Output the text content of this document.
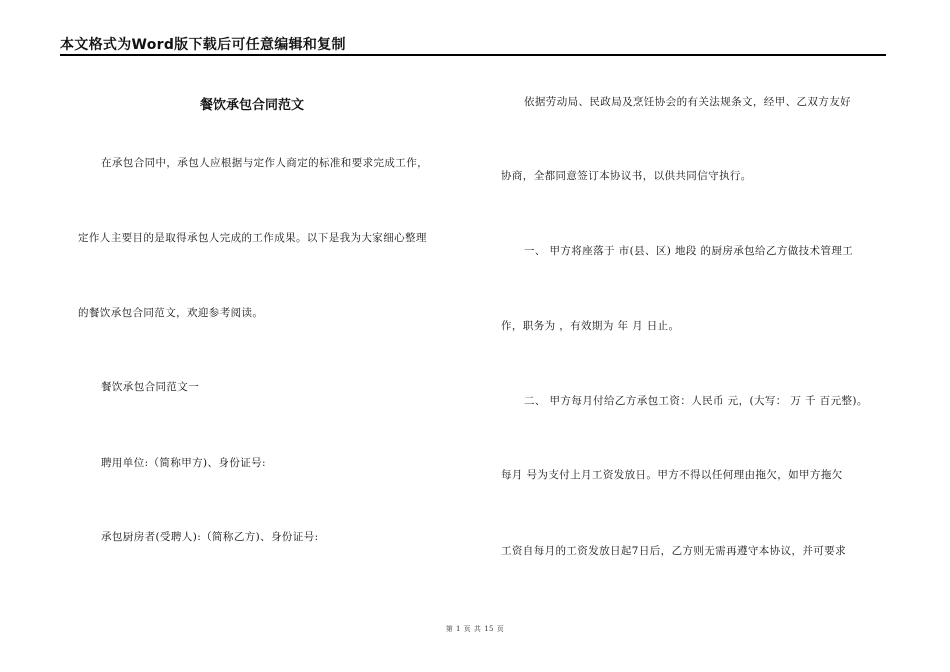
本文格式为Word版下载后可任意编辑和复制
餐饮承包合同范文
在承包合同中，承包人应根据与定作人商定的标准和要求完成工作，
定作人主要目的是取得承包人完成的工作成果。以下是我为大家细心整理
的餐饮承包合同范文，欢迎参考阅读。
餐饮承包合同范文一
聘用单位:（简称甲方)、身份证号:
承包厨房者(受聘人):（简称乙方)、身份证号:
依据劳动局、民政局及烹饪协会的有关法规条文，经甲、乙双方友好
协商，全都同意签订本协议书，以供共同信守执行。
一、 甲方将座落于 市(县、区) 地段 的厨房承包给乙方做技术管理工
作，职务为 ，有效期为 年 月 日止。
二、 甲方每月付给乙方承包工资：人民币 元，(大写： 万 千 百元整)。
每月 号为支付上月工资发放日。甲方不得以任何理由拖欠，如甲方拖欠
工资自每月的工资发放日起7日后，乙方则无需再遵守本协议，并可要求
第 1 页 共 15 页
